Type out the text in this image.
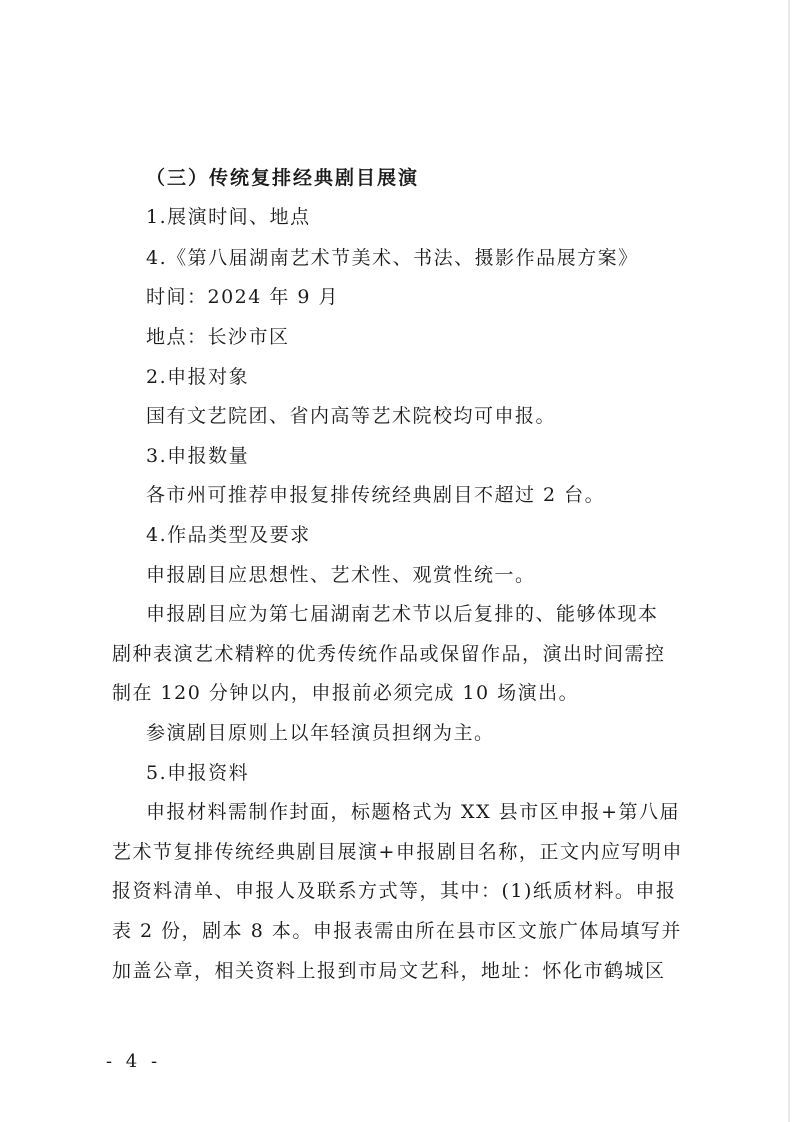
（三）传统复排经典剧目展演
1.展演时间、地点
4.《第八届湖南艺术节美术、书法、摄影作品展方案》
时间：2024 年 9 月
地点：长沙市区
2.申报对象
国有文艺院团、省内高等艺术院校均可申报。
3.申报数量
各市州可推荐申报复排传统经典剧目不超过 2 台。
4.作品类型及要求
申报剧目应思想性、艺术性、观赏性统一。
申报剧目应为第七届湖南艺术节以后复排的、能够体现本
剧种表演艺术精粹的优秀传统作品或保留作品，演出时间需控
制在 120 分钟以内，申报前必须完成 10 场演出。
参演剧目原则上以年轻演员担纲为主。
5.申报资料
申报材料需制作封面，标题格式为 XX 县市区申报+第八届
艺术节复排传统经典剧目展演+申报剧目名称，正文内应写明申
报资料清单、申报人及联系方式等，其中：(1)纸质材料。申报
表 2 份，剧本 8 本。申报表需由所在县市区文旅广体局填写并
加盖公章，相关资料上报到市局文艺科，地址：怀化市鹤城区
- 4 -
